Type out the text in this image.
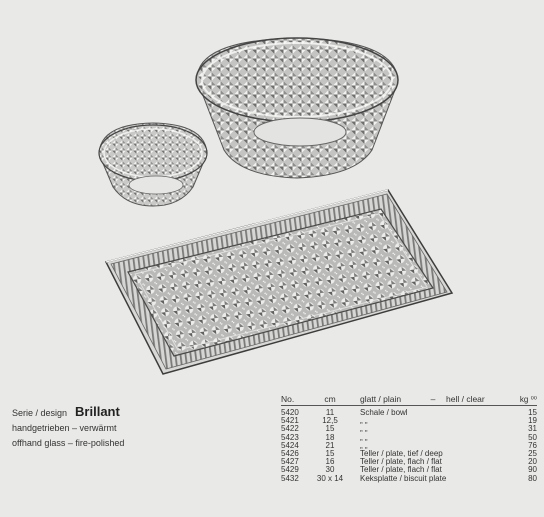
Serie / design Brillant
handgetrieben – verwärmt
offhand glass – fire-polished
No.	cm	glatt / plain	–	hell / clear	kg ⁰⁰
5420	11	Schale / bowl	15
5421	12,5	„ „	19
5422	15	„ „	31
5423	18	„ „	50
5424	21	„ „	76
5426	15	Teller / plate, tief / deep	25
5427	16	Teller / plate, flach / flat	20
5429	30	Teller / plate, flach / flat	90
5432	30 x 14	Keksplatte / biscuit plate	80
